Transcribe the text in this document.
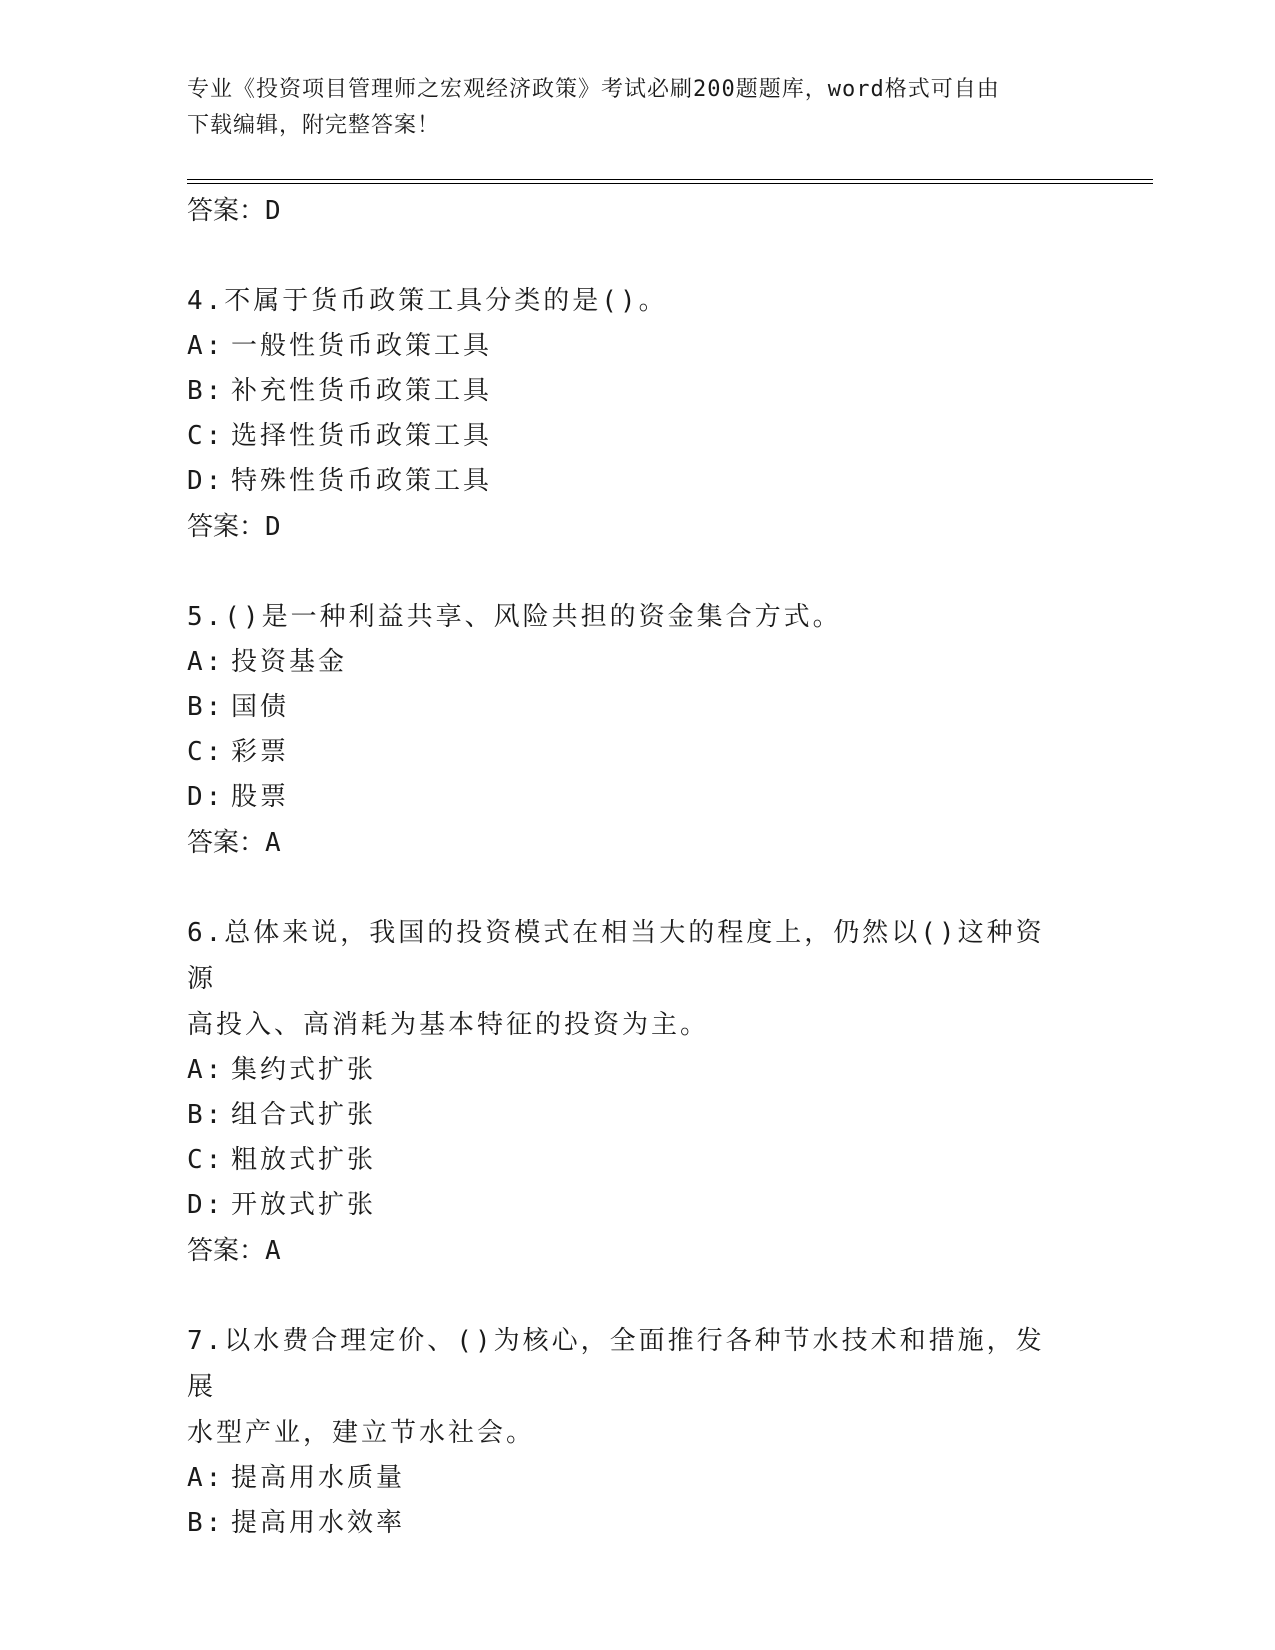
专业《投资项目管理师之宏观经济政策》考试必刷200题题库，word格式可自由
下载编辑，附完整答案！
答案：D
4.不属于货币政策工具分类的是()。
A: 一般性货币政策工具
B: 补充性货币政策工具
C: 选择性货币政策工具
D: 特殊性货币政策工具
答案：D
5.()是一种利益共享、风险共担的资金集合方式。
A: 投资基金
B: 国债
C: 彩票
D: 股票
答案：A
6.总体来说，我国的投资模式在相当大的程度上，仍然以()这种资源
高投入、高消耗为基本特征的投资为主。
A: 集约式扩张
B: 组合式扩张
C: 粗放式扩张
D: 开放式扩张
答案：A
7.以水费合理定价、()为核心，全面推行各种节水技术和措施，发展
水型产业，建立节水社会。
A: 提高用水质量
B: 提高用水效率
